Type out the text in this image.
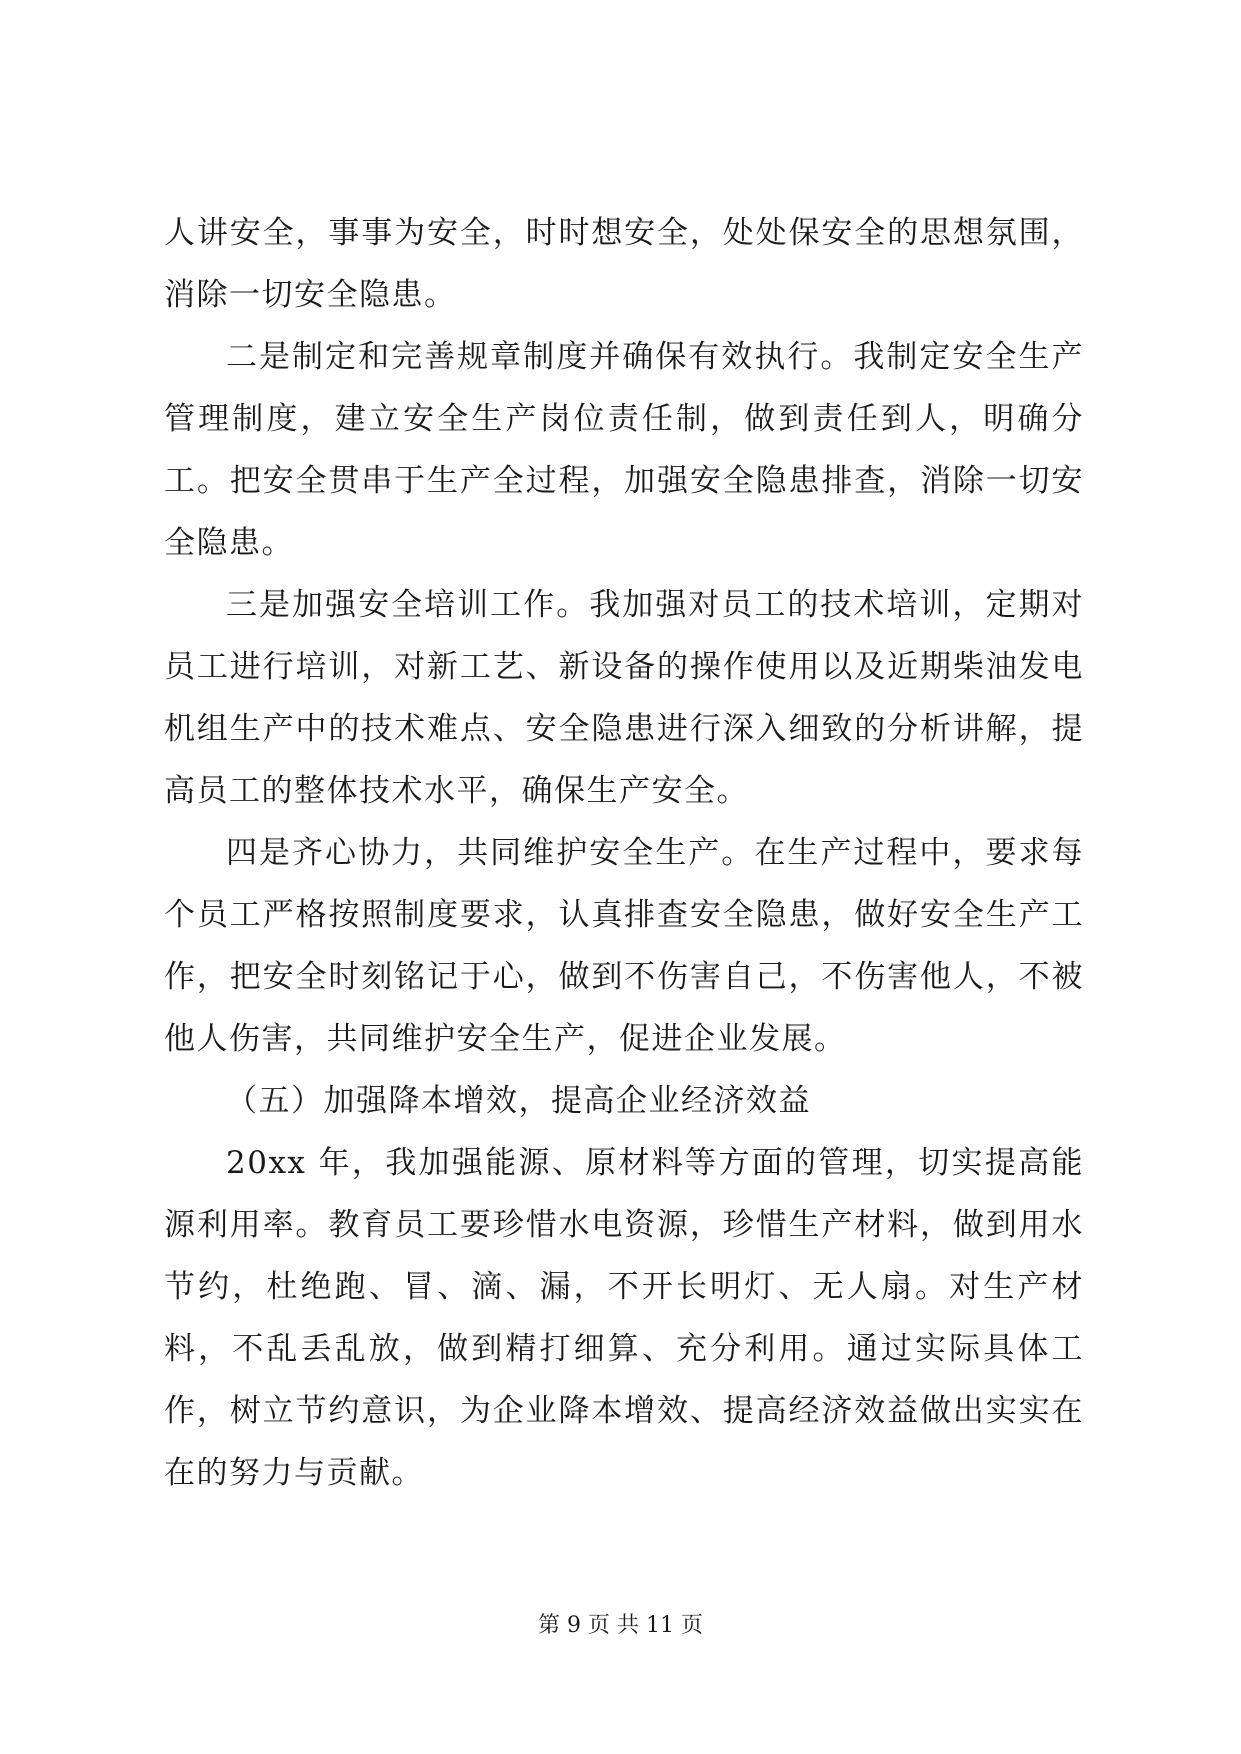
人讲安全，事事为安全，时时想安全，处处保安全的思想氛围，消除一切安全隐患。

二是制定和完善规章制度并确保有效执行。我制定安全生产管理制度，建立安全生产岗位责任制，做到责任到人，明确分工。把安全贯串于生产全过程，加强安全隐患排查，消除一切安全隐患。

三是加强安全培训工作。我加强对员工的技术培训，定期对员工进行培训，对新工艺、新设备的操作使用以及近期柴油发电机组生产中的技术难点、安全隐患进行深入细致的分析讲解，提高员工的整体技术水平，确保生产安全。

四是齐心协力，共同维护安全生产。在生产过程中，要求每个员工严格按照制度要求，认真排查安全隐患，做好安全生产工作，把安全时刻铭记于心，做到不伤害自己，不伤害他人，不被他人伤害，共同维护安全生产，促进企业发展。

（五）加强降本增效，提高企业经济效益

20xx 年，我加强能源、原材料等方面的管理，切实提高能源利用率。教育员工要珍惜水电资源，珍惜生产材料，做到用水节约，杜绝跑、冒、滴、漏，不开长明灯、无人扇。对生产材料，不乱丢乱放，做到精打细算、充分利用。通过实际具体工作，树立节约意识，为企业降本增效、提高经济效益做出实实在在的努力与贡献。

第 9 页 共 11 页
